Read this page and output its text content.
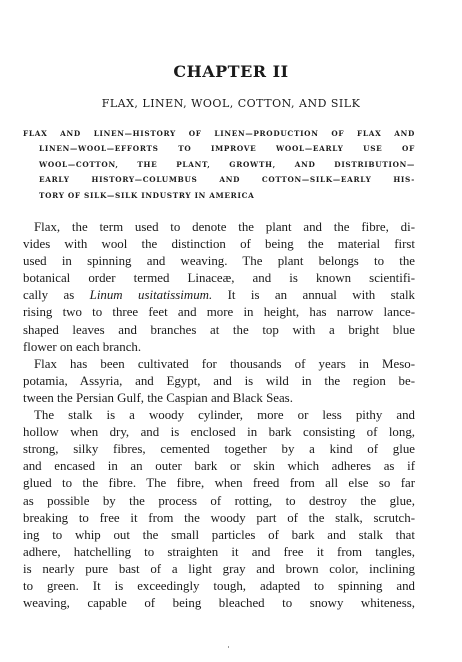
CHAPTER II
FLAX, LINEN, WOOL, COTTON, AND SILK
FLAX AND LINEN—HISTORY OF LINEN—PRODUCTION OF FLAX AND
LINEN—WOOL—EFFORTS TO IMPROVE WOOL—EARLY USE OF
WOOL—COTTON, THE PLANT, GROWTH, AND DISTRIBUTION—
EARLY HISTORY—COLUMBUS AND COTTON—SILK—EARLY HIS-
TORY OF SILK—SILK INDUSTRY IN AMERICA
Flax, the term used to denote the plant and the fibre, di-
vides with wool the distinction of being the material first
used in spinning and weaving. The plant belongs to the
botanical order termed Linaceæ, and is known scientifi-
cally as Linum usitatissimum. It is an annual with stalk
rising two to three feet and more in height, has narrow lance-
shaped leaves and branches at the top with a bright blue
flower on each branch.
Flax has been cultivated for thousands of years in Meso-
potamia, Assyria, and Egypt, and is wild in the region be-
tween the Persian Gulf, the Caspian and Black Seas.
The stalk is a woody cylinder, more or less pithy and
hollow when dry, and is enclosed in bark consisting of long,
strong, silky fibres, cemented together by a kind of glue
and encased in an outer bark or skin which adheres as if
glued to the fibre. The fibre, when freed from all else so far
as possible by the process of rotting, to destroy the glue,
breaking to free it from the woody part of the stalk, scrutch-
ing to whip out the small particles of bark and stalk that
adhere, hatchelling to straighten it and free it from tangles,
is nearly pure bast of a light gray and brown color, inclining
to green. It is exceedingly tough, adapted to spinning and
weaving, capable of being bleached to snowy whiteness,
